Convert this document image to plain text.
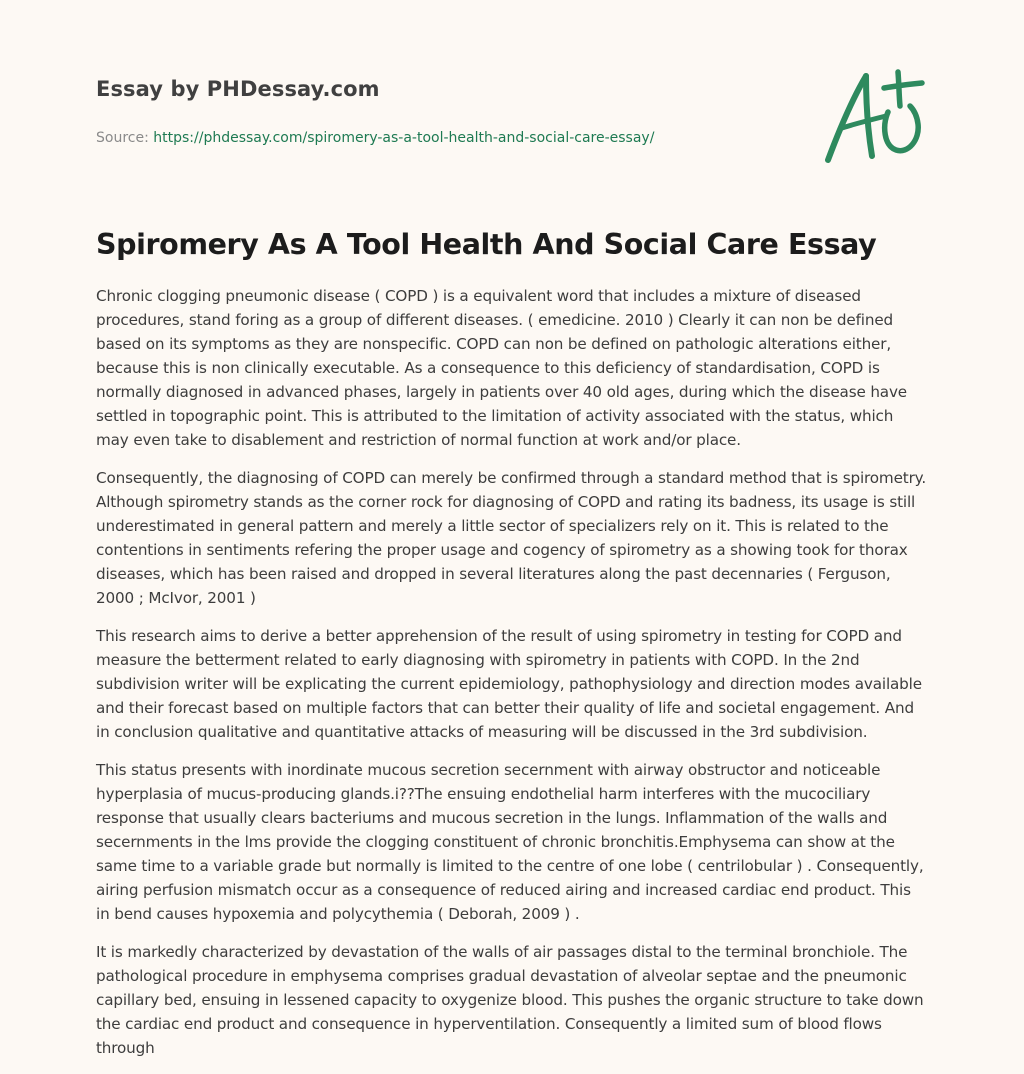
Essay by PHDessay.com
Source: https://phdessay.com/spiromery-as-a-tool-health-and-social-care-essay/
Spiromery As A Tool Health And Social Care Essay

Chronic clogging pneumonic disease ( COPD ) is a equivalent word that includes a mixture of diseased procedures, stand foring as a group of different diseases. ( emedicine. 2010 ) Clearly it can non be defined based on its symptoms as they are nonspecific. COPD can non be defined on pathologic alterations either, because this is non clinically executable. As a consequence to this deficiency of standardisation, COPD is normally diagnosed in advanced phases, largely in patients over 40 old ages, during which the disease have settled in topographic point. This is attributed to the limitation of activity associated with the status, which may even take to disablement and restriction of normal function at work and/or place.

Consequently, the diagnosing of COPD can merely be confirmed through a standard method that is spirometry. Although spirometry stands as the corner rock for diagnosing of COPD and rating its badness, its usage is still underestimated in general pattern and merely a little sector of specializers rely on it. This is related to the contentions in sentiments refering the proper usage and cogency of spirometry as a showing took for thorax diseases, which has been raised and dropped in several literatures along the past decennaries ( Ferguson, 2000 ; McIvor, 2001 )

This research aims to derive a better apprehension of the result of using spirometry in testing for COPD and measure the betterment related to early diagnosing with spirometry in patients with COPD. In the 2nd subdivision writer will be explicating the current epidemiology, pathophysiology and direction modes available and their forecast based on multiple factors that can better their quality of life and societal engagement. And in conclusion qualitative and quantitative attacks of measuring will be discussed in the 3rd subdivision.

This status presents with inordinate mucous secretion secernment with airway obstructor and noticeable hyperplasia of mucus-producing glands.i??The ensuing endothelial harm interferes with the mucociliary response that usually clears bacteriums and mucous secretion in the lungs. Inflammation of the walls and secernments in the lms provide the clogging constituent of chronic bronchitis.Emphysema can show at the same time to a variable grade but normally is limited to the centre of one lobe ( centrilobular ) . Consequently, airing perfusion mismatch occur as a consequence of reduced airing and increased cardiac end product. This in bend causes hypoxemia and polycythemia ( Deborah, 2009 ) .

It is markedly characterized by devastation of the walls of air passages distal to the terminal bronchiole. The pathological procedure in emphysema comprises gradual devastation of alveolar septae and the pneumonic capillary bed, ensuing in lessened capacity to oxygenize blood. This pushes the organic structure to take down the cardiac end product and consequence in hyperventilation. Consequently a limited sum of blood flows through
